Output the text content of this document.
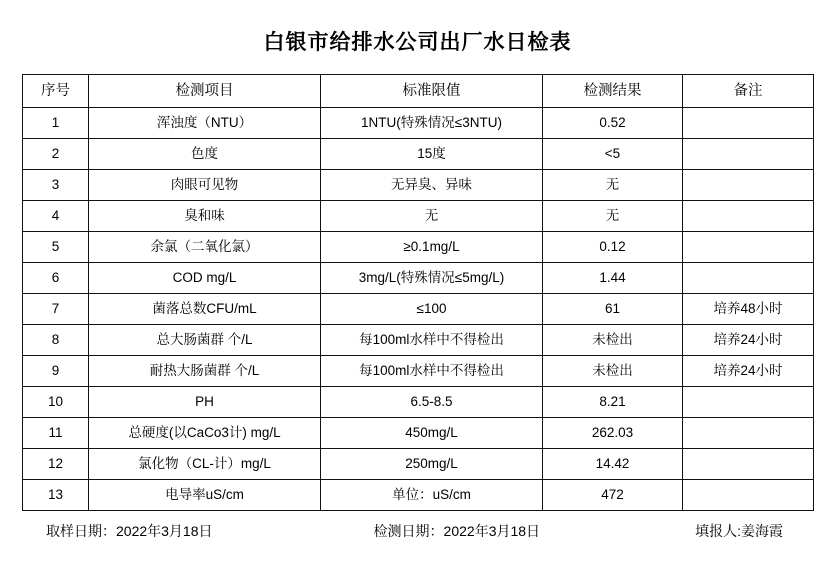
白银市给排水公司出厂水日检表
序号	检测项目	标准限值	检测结果	备注
1	浑浊度（NTU）	1NTU(特殊情况≤3NTU)	0.52	
2	色度	15度	<5	
3	肉眼可见物	无异臭、异味	无	
4	臭和味	无	无	
5	余氯（二氧化氯）	≥0.1mg/L	0.12	
6	COD mg/L	3mg/L(特殊情况≤5mg/L)	1.44	
7	菌落总数CFU/mL	≤100	61	培养48小时
8	总大肠菌群 个/L	每100ml水样中不得检出	未检出	培养24小时
9	耐热大肠菌群 个/L	每100ml水样中不得检出	未检出	培养24小时
10	PH	6.5-8.5	8.21	
11	总硬度(以CaCo3计) mg/L	450mg/L	262.03	
12	氯化物（CL-计）mg/L	250mg/L	14.42	
13	电导率uS/cm	单位：uS/cm	472	
取样日期：2022年3月18日	检测日期：2022年3月18日	填报人:姜海霞
